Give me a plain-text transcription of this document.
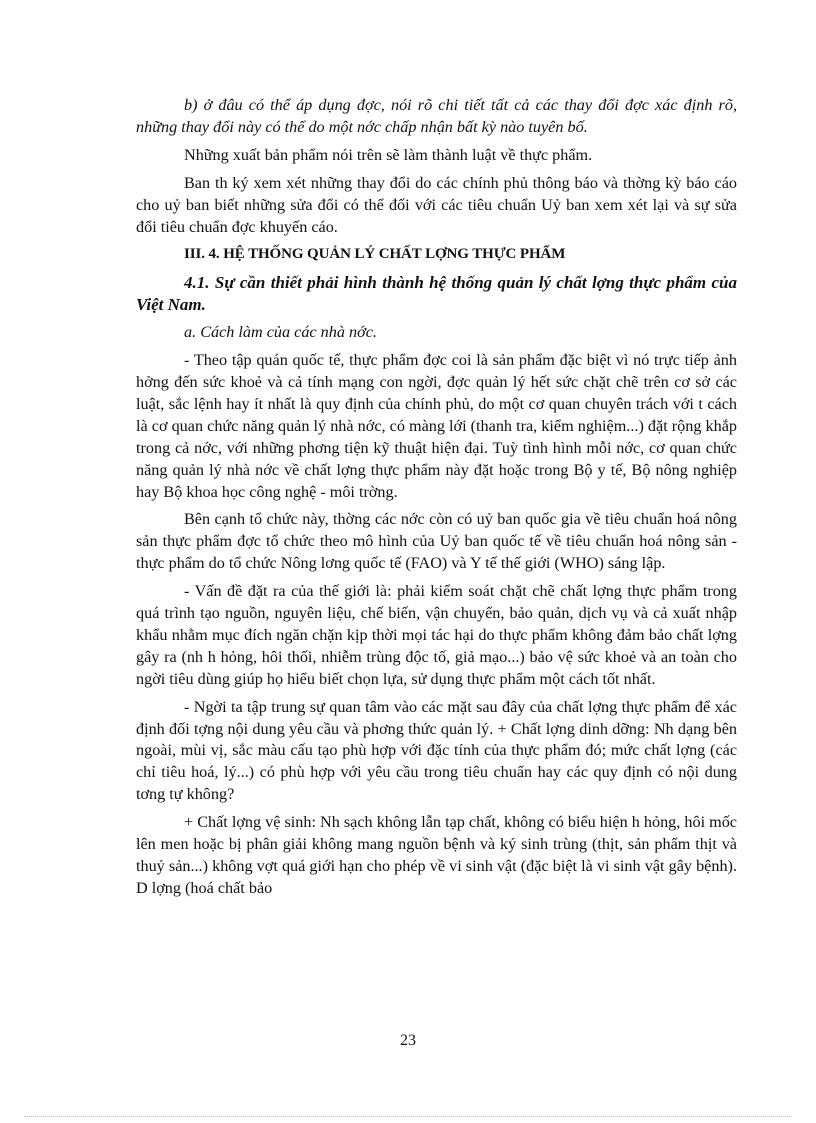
b) ở đâu có thể áp dụng đợc, nói rõ chi tiết tất cả các thay đổi đợc xác định rõ, những thay đổi này có thể do một nớc chấp nhận bất kỳ nào tuyên bố.

Những xuất bản phẩm nói trên sẽ làm thành luật về thực phẩm.

Ban th ký xem xét những thay đổi do các chính phủ thông báo và thờng kỳ báo cáo cho uỷ ban biết những sửa đổi có thể đối với các tiêu chuẩn Uỷ ban xem xét lại và sự sửa đổi tiêu chuẩn đợc khuyến cáo.

III. 4. HỆ THỐNG QUẢN LÝ CHẤT LỢNG THỰC PHẨM

4.1. Sự cần thiết phải hình thành hệ thống quản lý chất lợng thực phẩm của Việt Nam.

a. Cách làm của các nhà nớc.

- Theo tập quán quốc tế, thực phẩm đợc coi là sản phẩm đặc biệt vì nó trực tiếp ảnh hởng đến sức khoẻ và cả tính mạng con ngời, đợc quản lý hết sức chặt chẽ trên cơ sở các luật, sắc lệnh hay ít nhất là quy định của chính phủ, do một cơ quan chuyên trách với t cách là cơ quan chức năng quản lý nhà nớc, có màng lới (thanh tra, kiểm nghiệm...) đặt rộng khắp trong cả nớc, với những phơng tiện kỹ thuật hiện đại. Tuỳ tình hình mỗi nớc, cơ quan chức năng quản lý nhà nớc về chất lợng thực phẩm này đặt hoặc trong Bộ y tế, Bộ nông nghiệp hay Bộ khoa học công nghệ - môi trờng.

Bên cạnh tổ chức này, thờng các nớc còn có uỷ ban quốc gia về tiêu chuẩn hoá nông sản thực phẩm đợc tổ chức theo mô hình của Uỷ ban quốc tế về tiêu chuẩn hoá nông sản - thực phẩm do tổ chức Nông lơng quốc tế (FAO) và Y tế thế giới (WHO) sáng lập.

- Vấn đề đặt ra của thế giới là: phải kiểm soát chặt chẽ chất lợng thực phẩm trong quá trình tạo nguồn, nguyên liệu, chế biến, vận chuyển, bảo quản, dịch vụ và cả xuất nhập khẩu nhằm mục đích ngăn chặn kịp thời mọi tác hại do thực phẩm không đảm bảo chất lợng gây ra (nh h hỏng, hôi thối, nhiễm trùng độc tố, giả mạo...) bảo vệ sức khoẻ và an toàn cho ngời tiêu dùng giúp họ hiểu biết chọn lựa, sử dụng thực phẩm một cách tốt nhất.

- Ngời ta tập trung sự quan tâm vào các mặt sau đây của chất lợng thực phẩm để xác định đối tợng nội dung yêu cầu và phơng thức quản lý. + Chất lợng dinh dỡng: Nh dạng bên ngoài, mùi vị, sắc màu cấu tạo phù hợp với đặc tính của thực phẩm đó; mức chất lợng (các chỉ tiêu hoá, lý...) có phù hợp với yêu cầu trong tiêu chuẩn hay các quy định có nội dung tơng tự không?

+ Chất lợng vệ sinh: Nh sạch không lẫn tạp chất, không có biểu hiện h hỏng, hôi mốc lên men hoặc bị phân giải không mang nguồn bệnh và ký sinh trùng (thịt, sản phẩm thịt và thuỷ sản...) không vợt quá giới hạn cho phép về vi sinh vật (đặc biệt là vi sinh vật gây bệnh). D lợng (hoá chất bảo

23
